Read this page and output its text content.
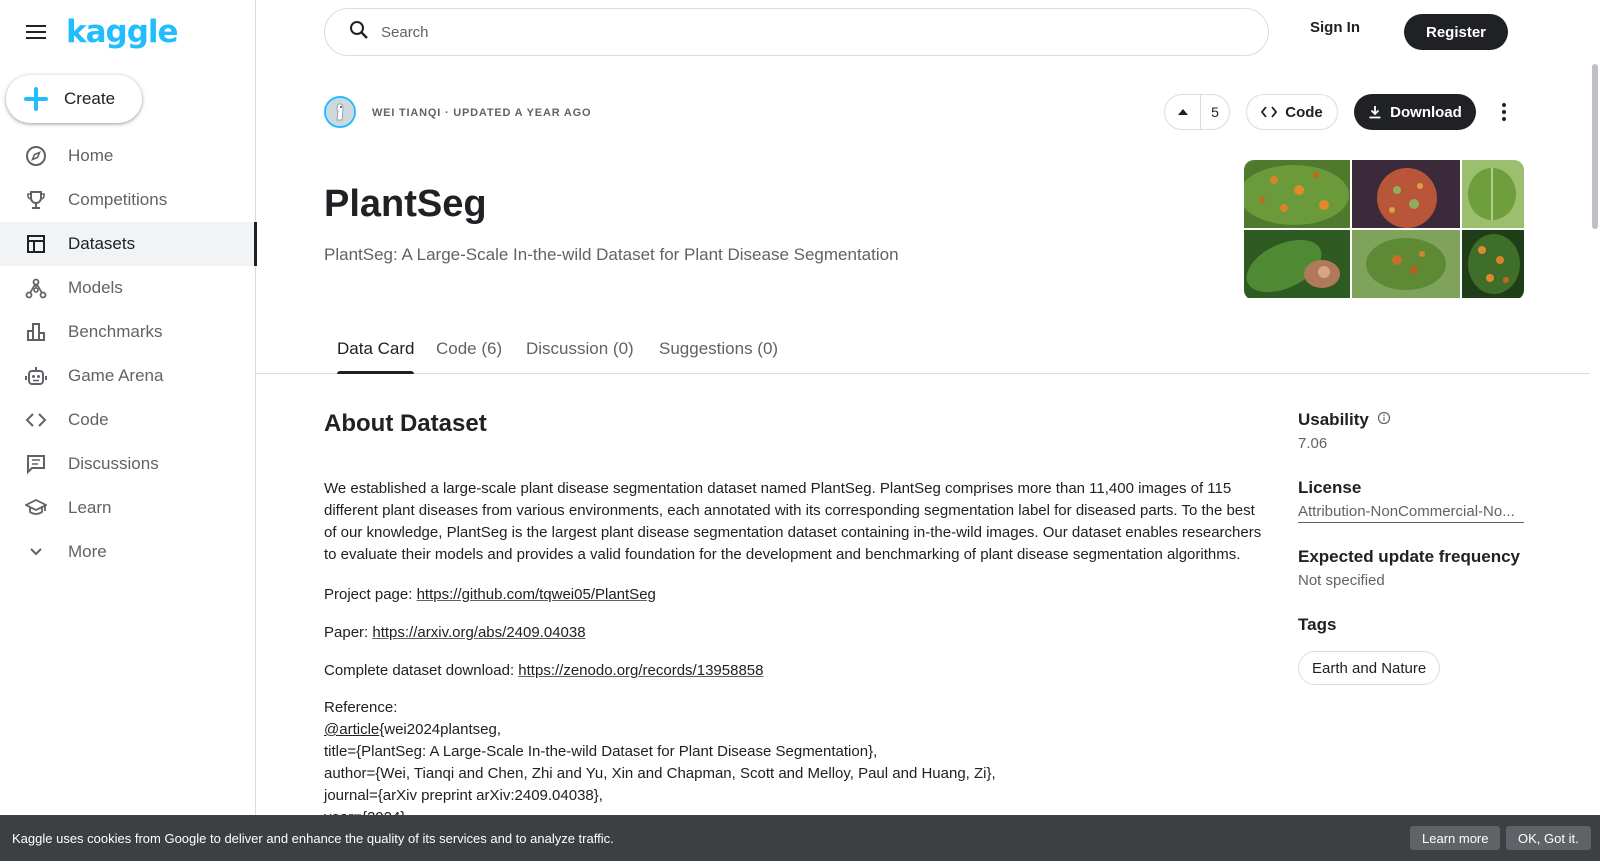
kaggle
Create
Home
Competitions
Datasets
Models
Benchmarks
Game Arena
Code
Discussions
Learn
More
Search
Sign In	Register
WEI TIANQI · UPDATED A YEAR AGO	5	Code	Download
PlantSeg
PlantSeg: A Large-Scale In-the-wild Dataset for Plant Disease Segmentation
Data Card Code (6) Discussion (0) Suggestions (0)
About Dataset

We established a large-scale plant disease segmentation dataset named PlantSeg. PlantSeg comprises more than 11,400 images of 115 different plant diseases from various environments, each annotated with its corresponding segmentation label for diseased parts. To the best of our knowledge, PlantSeg is the largest plant disease segmentation dataset containing in-the-wild images. Our dataset enables researchers to evaluate their models and provides a valid foundation for the development and benchmarking of plant disease segmentation algorithms.

Project page: https://github.com/tqwei05/PlantSeg
Paper: https://arxiv.org/abs/2409.04038
Complete dataset download: https://zenodo.org/records/13958858
Reference:
@article{wei2024plantseg,
title={PlantSeg: A Large-Scale In-the-wild Dataset for Plant Disease Segmentation},
author={Wei, Tianqi and Chen, Zhi and Yu, Xin and Chapman, Scott and Melloy, Paul and Huang, Zi},
journal={arXiv preprint arXiv:2409.04038},
Usability
7.06
License
Attribution-NonCommercial-No...
Expected update frequency
Not specified
Tags
Earth and Nature
Kaggle uses cookies from Google to deliver and enhance the quality of its services and to analyze traffic.	Learn more	OK, Got it.
